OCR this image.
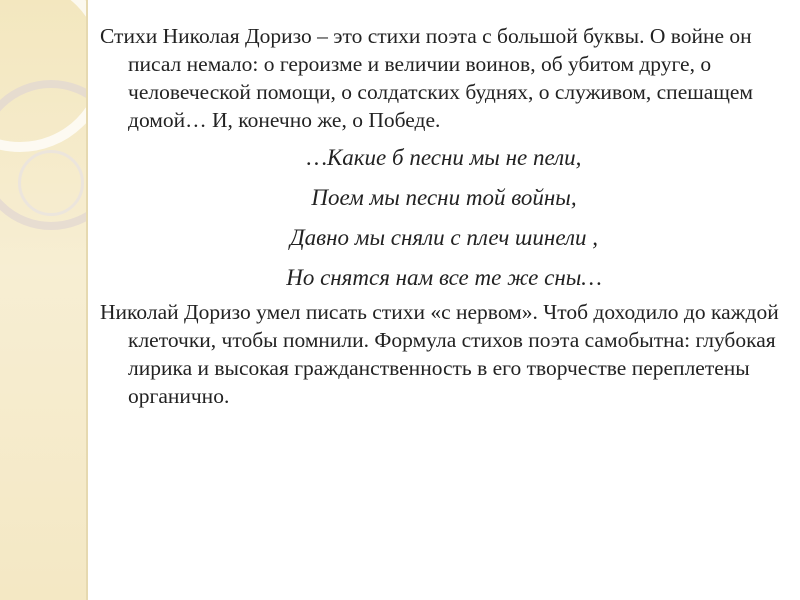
Стихи Николая Доризо – это стихи поэта с большой буквы. О войне он писал немало: о героизме и величии воинов, об убитом друге, о человеческой помощи, о солдатских буднях, о служивом, спешащем домой… И, конечно же, о Победе.

…Какие б песни мы не пели,
Поем мы песни той войны,
Давно мы сняли с плеч шинели ,
Но снятся нам все те же сны…

Николай Доризо умел писать стихи «с нервом». Чтоб доходило до каждой клеточки, чтобы помнили. Формула стихов поэта самобытна: глубокая лирика и высокая гражданственность в его творчестве переплетены органично.
